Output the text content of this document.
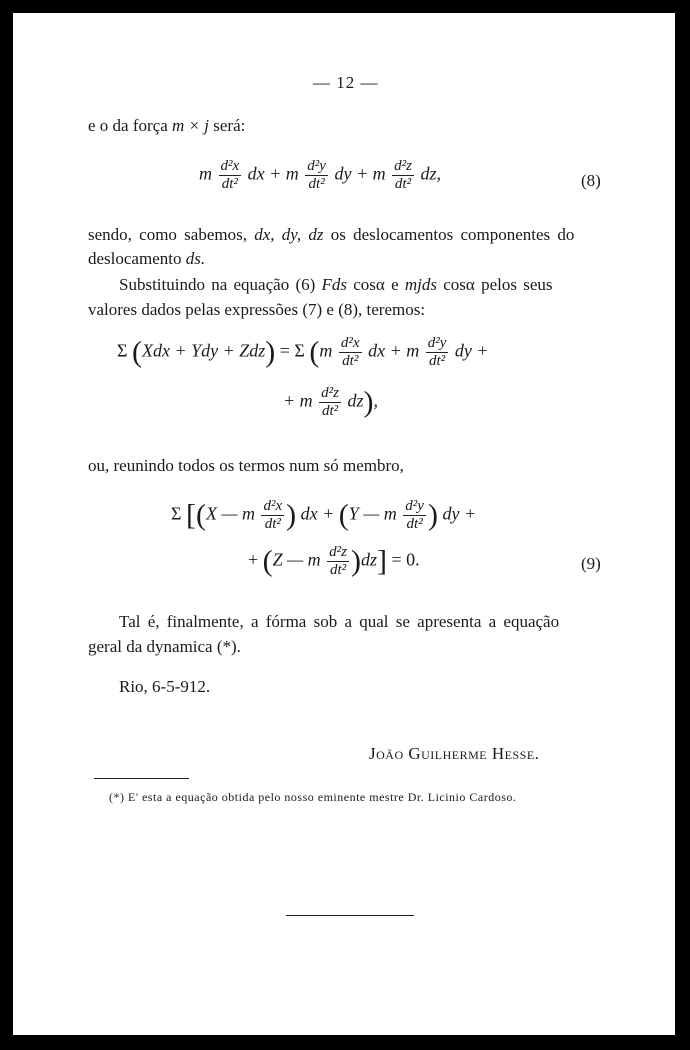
— 12 —
e o da força m × j será:
m $\frac{\text{d²x}}{\text{dt²}}$ dx + m $\frac{\text{d²y}}{\text{dt²}}$ dy + m $\frac{\text{d²z}}{\text{dt²}}$ dz,	(8)
sendo, como sabemos, dx, dy, dz os deslocamentos componentes do
deslocamento ds.
Substituindo na equação (6) Fds cosα e mjds cosα pelos seus
valores dados pelas expressões (7) e (8), teremos:
Σ (Xdx + Ydy + Zdz) = Σ ($m \frac{\text{d²x}}{\text{dt²}}$ dx + m $\frac{\text{d²y}}{\text{dt²}}$ dy +
+ m $\frac{\text{d²z}}{\text{dt²}} dz$),
ou, reunindo todos os termos num só membro,
Σ [(X — m $\frac{\text{d²x}}{\text{dt²}}$ ) dx + (Y — m $\frac{\text{d²y}}{\text{dt²}}$ ) dy +
+ (Z — m $\frac{\text{d²z}}{\text{dt²}} )dz] = 0$.	(9)
Tal é, finalmente, a fórma sob a qual se apresenta a equação
geral da dynamica (*).
Rio, 6-5-912.
João Guilherme Hesse.
(*) E' esta a equação obtida pelo nosso eminente mestre Dr. Licinio Cardoso.
